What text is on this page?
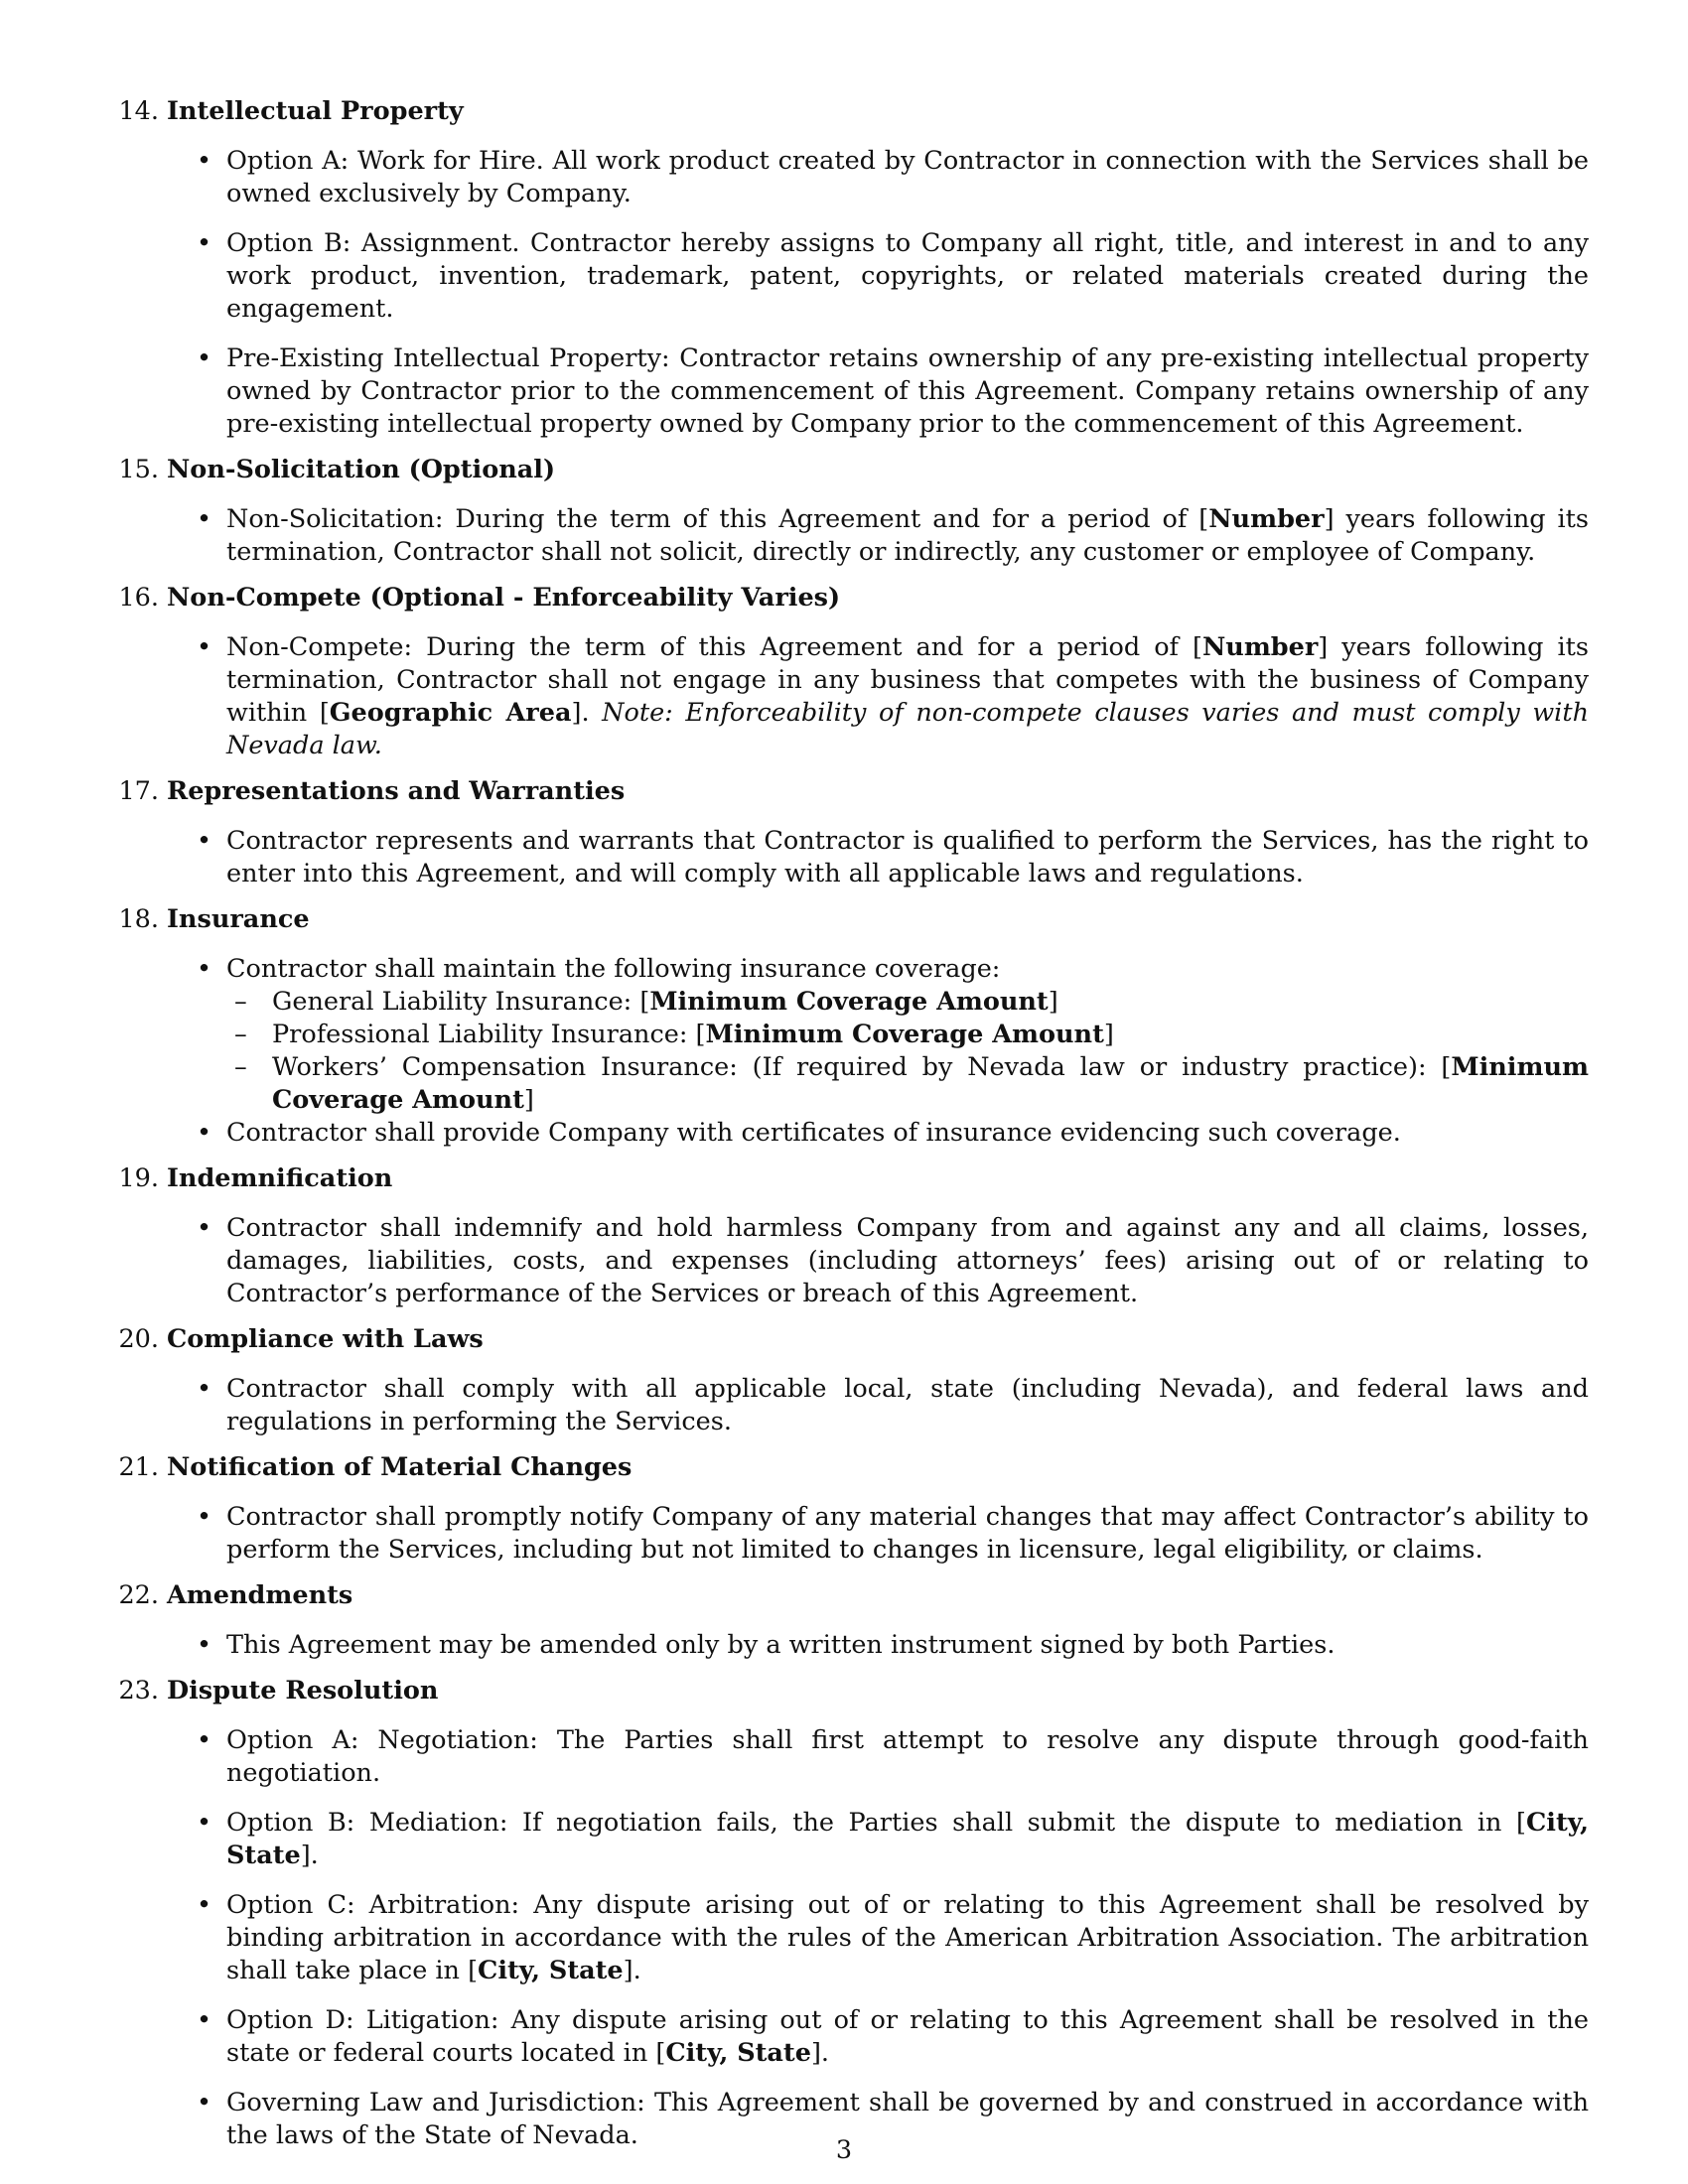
14. Intellectual Property
• Option A: Work for Hire. All work product created by Contractor in connection with the Services shall be owned exclusively by Company.
• Option B: Assignment. Contractor hereby assigns to Company all right, title, and interest in and to any work product, invention, trademark, patent, copyrights, or related materials created during the engagement.
• Pre-Existing Intellectual Property: Contractor retains ownership of any pre-existing intellectual property owned by Contractor prior to the commencement of this Agreement. Company retains ownership of any pre-existing intellectual property owned by Company prior to the commencement of this Agreement.
15. Non-Solicitation (Optional)
• Non-Solicitation: During the term of this Agreement and for a period of [Number] years following its termination, Contractor shall not solicit, directly or indirectly, any customer or employee of Company.
16. Non-Compete (Optional - Enforceability Varies)
• Non-Compete: During the term of this Agreement and for a period of [Number] years following its termination, Contractor shall not engage in any business that competes with the business of Company within [Geographic Area]. Note: Enforceability of non-compete clauses varies and must comply with Nevada law.
17. Representations and Warranties
• Contractor represents and warrants that Contractor is qualified to perform the Services, has the right to enter into this Agreement, and will comply with all applicable laws and regulations.
18. Insurance
• Contractor shall maintain the following insurance coverage:
– General Liability Insurance: [Minimum Coverage Amount]
– Professional Liability Insurance: [Minimum Coverage Amount]
– Workers’ Compensation Insurance: (If required by Nevada law or industry practice): [Minimum Coverage Amount]
• Contractor shall provide Company with certificates of insurance evidencing such coverage.
19. Indemnification
• Contractor shall indemnify and hold harmless Company from and against any and all claims, losses, damages, liabilities, costs, and expenses (including attorneys’ fees) arising out of or relating to Contractor’s performance of the Services or breach of this Agreement.
20. Compliance with Laws
• Contractor shall comply with all applicable local, state (including Nevada), and federal laws and regulations in performing the Services.
21. Notification of Material Changes
• Contractor shall promptly notify Company of any material changes that may affect Contractor’s ability to perform the Services, including but not limited to changes in licensure, legal eligibility, or claims.
22. Amendments
• This Agreement may be amended only by a written instrument signed by both Parties.
23. Dispute Resolution
• Option A: Negotiation: The Parties shall first attempt to resolve any dispute through good-faith negotiation.
• Option B: Mediation: If negotiation fails, the Parties shall submit the dispute to mediation in [City, State].
• Option C: Arbitration: Any dispute arising out of or relating to this Agreement shall be resolved by binding arbitration in accordance with the rules of the American Arbitration Association. The arbitration shall take place in [City, State].
• Option D: Litigation: Any dispute arising out of or relating to this Agreement shall be resolved in the state or federal courts located in [City, State].
• Governing Law and Jurisdiction: This Agreement shall be governed by and construed in accordance with the laws of the State of Nevada.	3
